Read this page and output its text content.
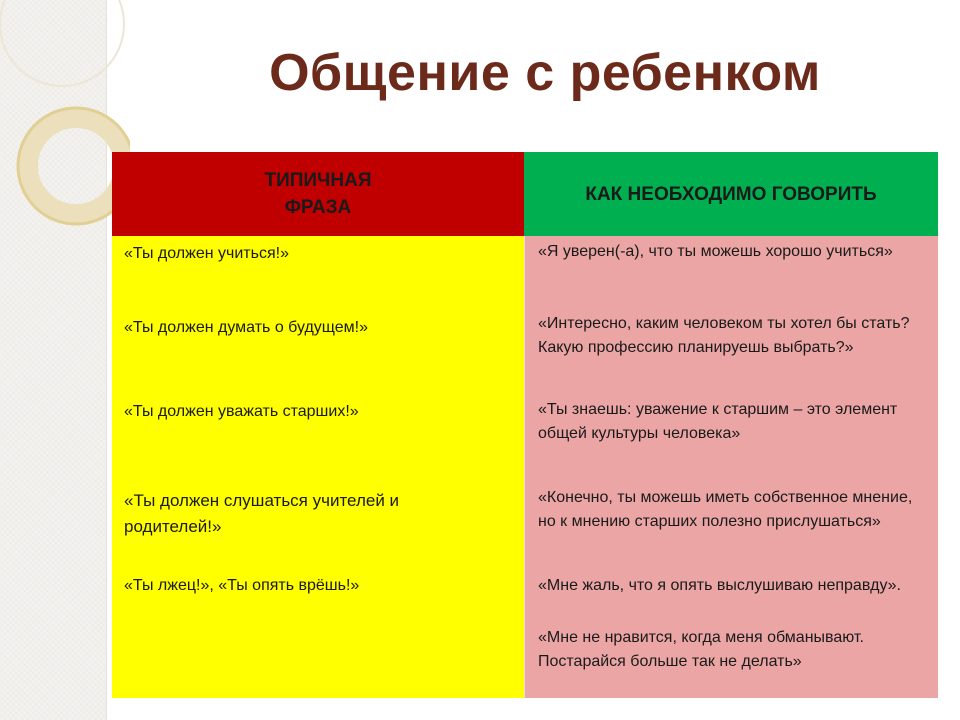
Общение с ребенком
ТИПИЧНАЯ ФРАЗА
КАК НЕОБХОДИМО ГОВОРИТЬ
«Ты должен учиться!»
«Ты должен думать о будущем!»
«Ты должен уважать старших!»
«Ты должен слушаться учителей и родителей!»
«Ты лжец!», «Ты опять врёшь!»
«Я уверен(-а), что ты можешь хорошо учиться»
«Интересно, каким человеком ты хотел бы стать? Какую профессию планируешь выбрать?»
«Ты знаешь: уважение к старшим – это элемент общей культуры человека»
«Конечно, ты можешь иметь собственное мнение, но к мнению старших полезно прислушаться»
«Мне жаль, что я опять выслушиваю неправду».
«Мне не нравится, когда меня обманывают. Постарайся больше так не делать»
